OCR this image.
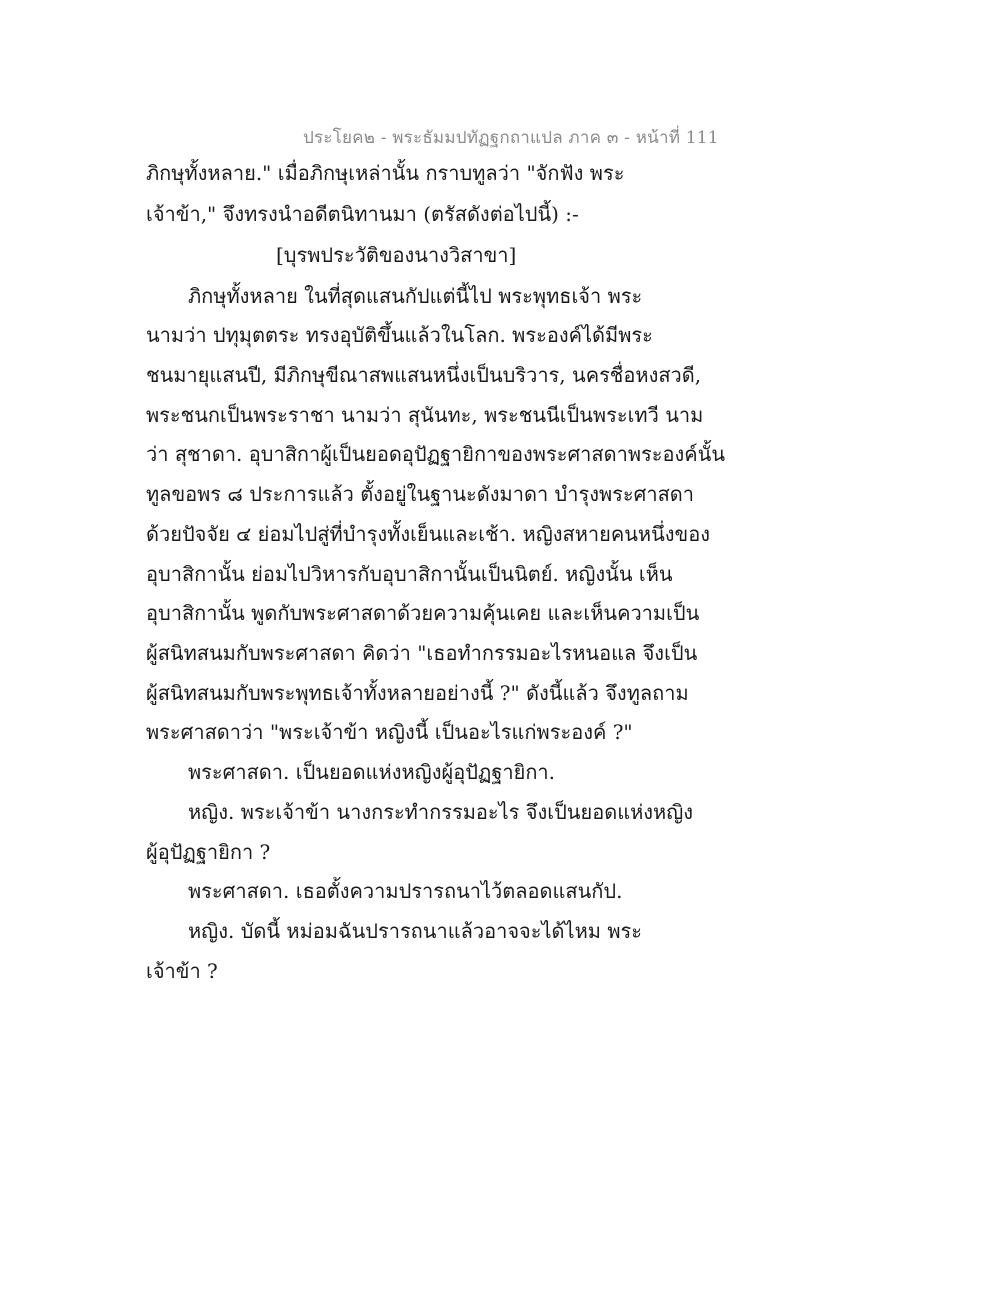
ประโยค๒ - พระธัมมปทัฏฐกถาแปล ภาค ๓ - หน้าที่ 111
ภิกษุทั้งหลาย." เมื่อภิกษุเหล่านั้น กราบทูลว่า "จักฟัง พระ
เจ้าข้า," จึงทรงนำอดีตนิทานมา (ตรัสดังต่อไปนี้) :-
[บุรพประวัติของนางวิสาขา]
ภิกษุทั้งหลาย ในที่สุดแสนกัปแต่นี้ไป พระพุทธเจ้า พระ
นามว่า ปทุมุตตระ ทรงอุบัติขึ้นแล้วในโลก. พระองค์ได้มีพระ
ชนมายุแสนปี, มีภิกษุขีณาสพแสนหนึ่งเป็นบริวาร, นครชื่อหงสวดี,
พระชนกเป็นพระราชา นามว่า สุนันทะ, พระชนนีเป็นพระเทวี นาม
ว่า สุชาดา. อุบาสิกาผู้เป็นยอดอุปัฏฐายิกาของพระศาสดาพระองค์นั้น
ทูลขอพร ๘ ประการแล้ว ตั้งอยู่ในฐานะดังมาดา บำรุงพระศาสดา
ด้วยปัจจัย ๔ ย่อมไปสู่ที่บำรุงทั้งเย็นและเช้า. หญิงสหายคนหนึ่งของ
อุบาสิกานั้น ย่อมไปวิหารกับอุบาสิกานั้นเป็นนิตย์. หญิงนั้น เห็น
อุบาสิกานั้น พูดกับพระศาสดาด้วยความคุ้นเคย และเห็นความเป็น
ผู้สนิทสนมกับพระศาสดา คิดว่า "เธอทำกรรมอะไรหนอแล จึงเป็น
ผู้สนิทสนมกับพระพุทธเจ้าทั้งหลายอย่างนี้ ?" ดังนี้แล้ว จึงทูลถาม
พระศาสดาว่า "พระเจ้าข้า หญิงนี้ เป็นอะไรแก่พระองค์ ?"
พระศาสดา. เป็นยอดแห่งหญิงผู้อุปัฏฐายิกา.
หญิง. พระเจ้าข้า นางกระทำกรรมอะไร จึงเป็นยอดแห่งหญิง
ผู้อุปัฏฐายิกา ?
พระศาสดา. เธอตั้งความปรารถนาไว้ตลอดแสนกัป.
หญิง. บัดนี้ หม่อมฉันปรารถนาแล้วอาจจะได้ไหม พระ
เจ้าข้า ?
